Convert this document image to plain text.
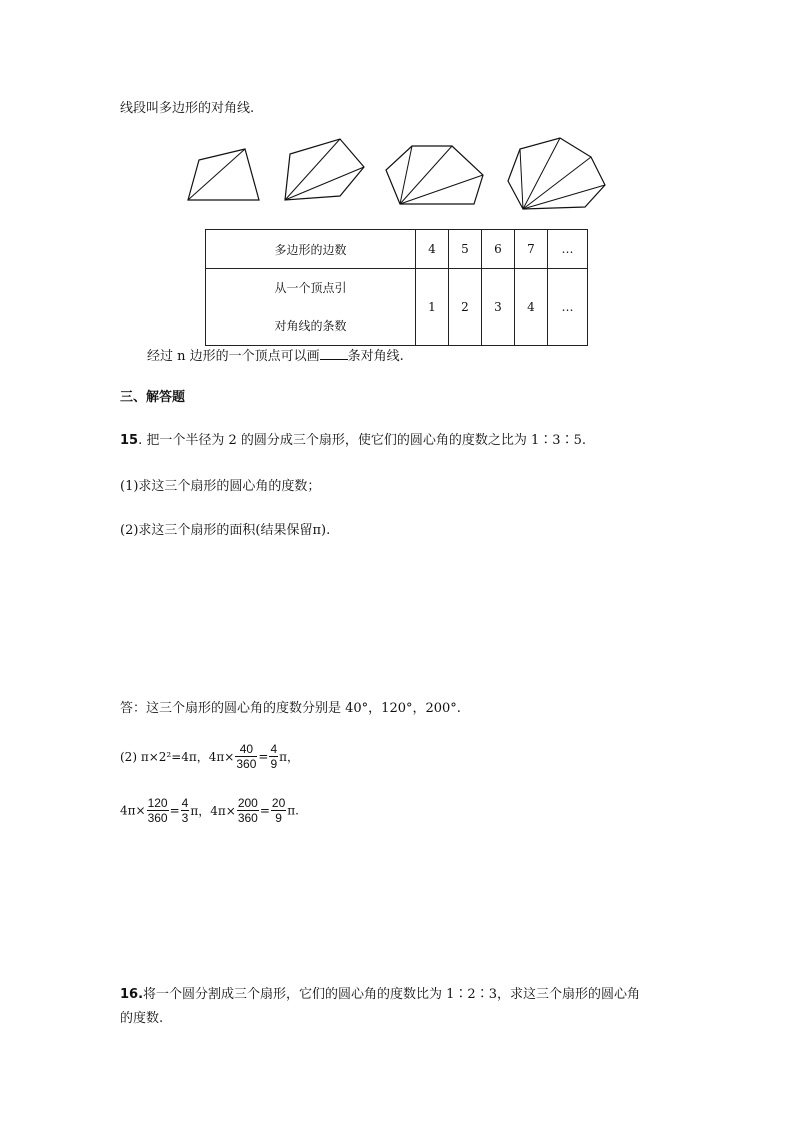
线段叫多边形的对角线.
多边形的边数	4	5	6	7	…

从一个顶点引
对角线的条数	1	2	3	4	…
经过 n 边形的一个顶点可以画 条对角线.
三、解答题
15. 把一个半径为 2 的圆分成三个扇形，使它们的圆心角的度数之比为 1∶3∶5.
(1)求这三个扇形的圆心角的度数；
(2)求这三个扇形的面积(结果保留π).
答：这三个扇形的圆心角的度数分别是 40°，120°，200°.
(2) π×2²=4π，$4\pi\times \frac{40}{360} = \frac{4}{9}$ π，
$4\pi\times \frac{120}{360} = \frac{4}{3}$ π，$4\pi\times \frac{200}{360} = \frac{20}{9} \pi$.
16.将一个圆分割成三个扇形，它们的圆心角的度数比为 1∶2∶3，求这三个扇形的圆心角
的度数.
